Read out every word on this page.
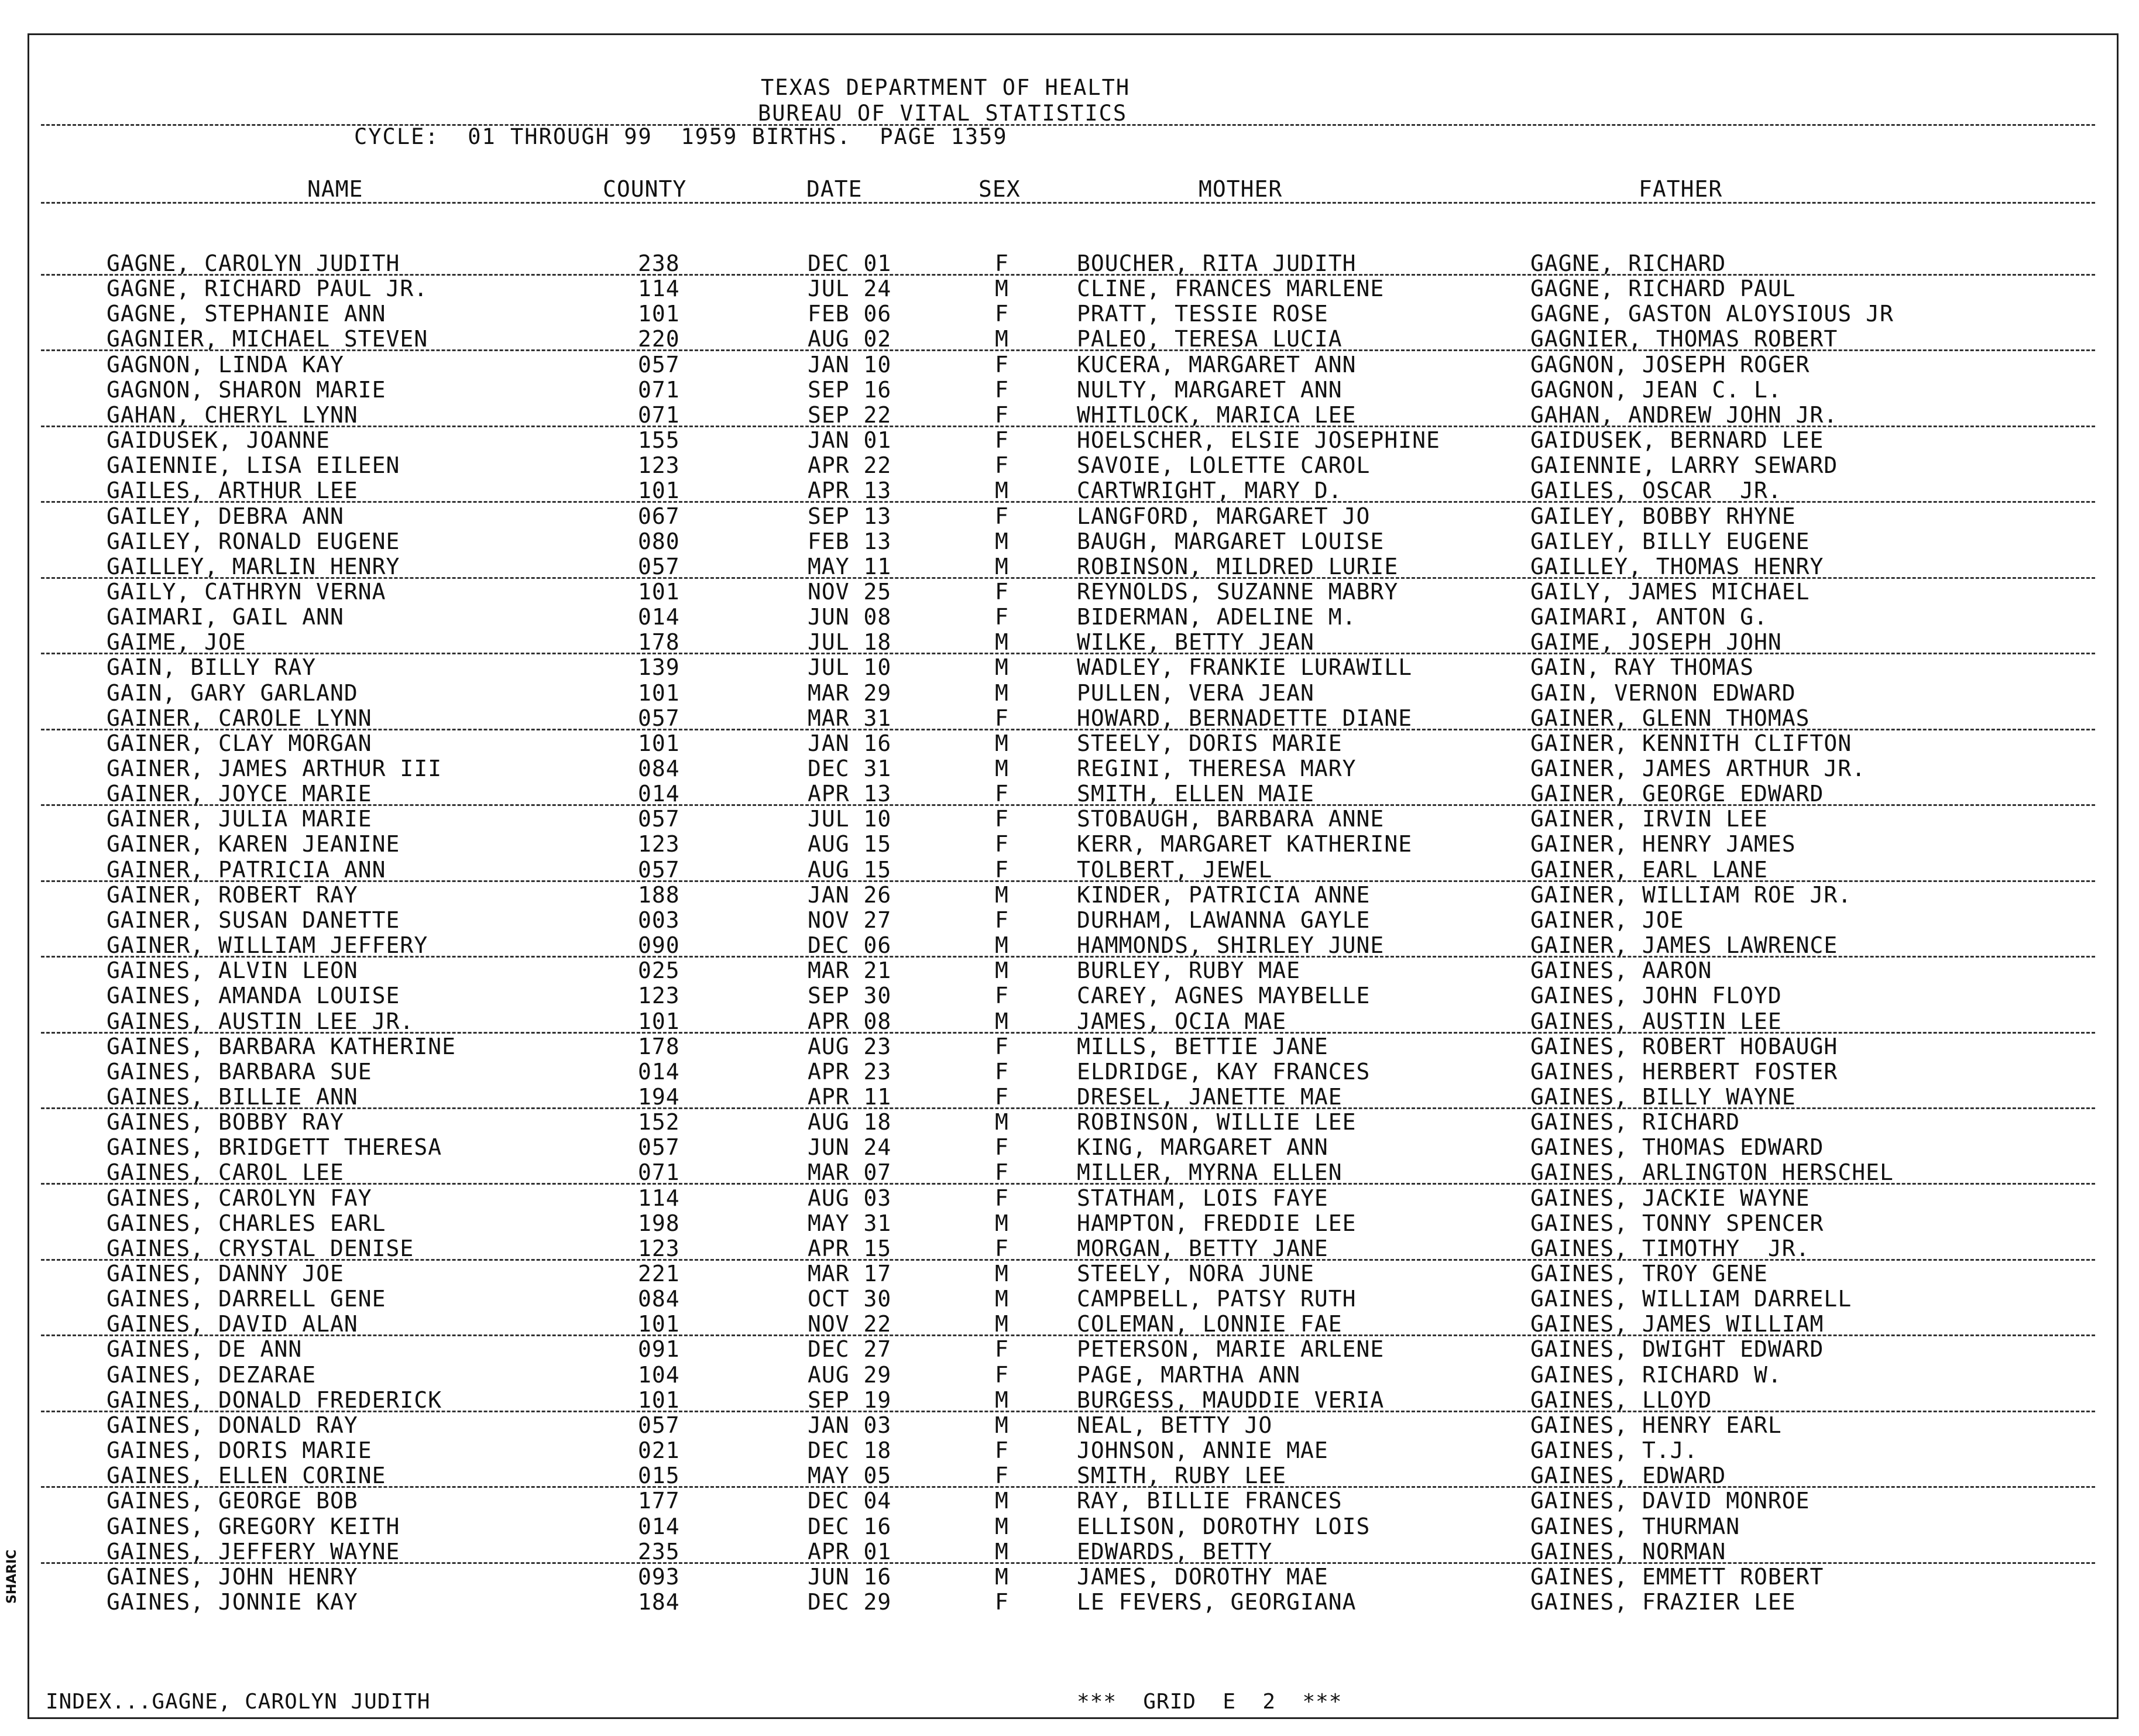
TEXAS DEPARTMENT OF HEALTH
BUREAU OF VITAL STATISTICS
CYCLE:  01 THROUGH 99  1959 BIRTHS.  PAGE 1359
NAME	COUNTY	DATE	SEX	MOTHER	FATHER
GAGNE, CAROLYN JUDITH	238	DEC 01	F	BOUCHER, RITA JUDITH	GAGNE, RICHARD
GAGNE, RICHARD PAUL JR.	114	JUL 24	M	CLINE, FRANCES MARLENE	GAGNE, RICHARD PAUL
GAGNE, STEPHANIE ANN	101	FEB 06	F	PRATT, TESSIE ROSE	GAGNE, GASTON ALOYSIOUS JR
GAGNIER, MICHAEL STEVEN	220	AUG 02	M	PALEO, TERESA LUCIA	GAGNIER, THOMAS ROBERT
GAGNON, LINDA KAY	057	JAN 10	F	KUCERA, MARGARET ANN	GAGNON, JOSEPH ROGER
GAGNON, SHARON MARIE	071	SEP 16	F	NULTY, MARGARET ANN	GAGNON, JEAN C. L.
GAHAN, CHERYL LYNN	071	SEP 22	F	WHITLOCK, MARICA LEE	GAHAN, ANDREW JOHN JR.
GAIDUSEK, JOANNE	155	JAN 01	F	HOELSCHER, ELSIE JOSEPHINE	GAIDUSEK, BERNARD LEE
GAIENNIE, LISA EILEEN	123	APR 22	F	SAVOIE, LOLETTE CAROL	GAIENNIE, LARRY SEWARD
GAILES, ARTHUR LEE	101	APR 13	M	CARTWRIGHT, MARY D.	GAILES, OSCAR  JR.
GAILEY, DEBRA ANN	067	SEP 13	F	LANGFORD, MARGARET JO	GAILEY, BOBBY RHYNE
GAILEY, RONALD EUGENE	080	FEB 13	M	BAUGH, MARGARET LOUISE	GAILEY, BILLY EUGENE
GAILLEY, MARLIN HENRY	057	MAY 11	M	ROBINSON, MILDRED LURIE	GAILLEY, THOMAS HENRY
GAILY, CATHRYN VERNA	101	NOV 25	F	REYNOLDS, SUZANNE MABRY	GAILY, JAMES MICHAEL
GAIMARI, GAIL ANN	014	JUN 08	F	BIDERMAN, ADELINE M.	GAIMARI, ANTON G.
GAIME, JOE	178	JUL 18	M	WILKE, BETTY JEAN	GAIME, JOSEPH JOHN
GAIN, BILLY RAY	139	JUL 10	M	WADLEY, FRANKIE LURAWILL	GAIN, RAY THOMAS
GAIN, GARY GARLAND	101	MAR 29	M	PULLEN, VERA JEAN	GAIN, VERNON EDWARD
GAINER, CAROLE LYNN	057	MAR 31	F	HOWARD, BERNADETTE DIANE	GAINER, GLENN THOMAS
GAINER, CLAY MORGAN	101	JAN 16	M	STEELY, DORIS MARIE	GAINER, KENNITH CLIFTON
GAINER, JAMES ARTHUR III	084	DEC 31	M	REGINI, THERESA MARY	GAINER, JAMES ARTHUR JR.
GAINER, JOYCE MARIE	014	APR 13	F	SMITH, ELLEN MAIE	GAINER, GEORGE EDWARD
GAINER, JULIA MARIE	057	JUL 10	F	STOBAUGH, BARBARA ANNE	GAINER, IRVIN LEE
GAINER, KAREN JEANINE	123	AUG 15	F	KERR, MARGARET KATHERINE	GAINER, HENRY JAMES
GAINER, PATRICIA ANN	057	AUG 15	F	TOLBERT, JEWEL	GAINER, EARL LANE
GAINER, ROBERT RAY	188	JAN 26	M	KINDER, PATRICIA ANNE	GAINER, WILLIAM ROE JR.
GAINER, SUSAN DANETTE	003	NOV 27	F	DURHAM, LAWANNA GAYLE	GAINER, JOE
GAINER, WILLIAM JEFFERY	090	DEC 06	M	HAMMONDS, SHIRLEY JUNE	GAINER, JAMES LAWRENCE
GAINES, ALVIN LEON	025	MAR 21	M	BURLEY, RUBY MAE	GAINES, AARON
GAINES, AMANDA LOUISE	123	SEP 30	F	CAREY, AGNES MAYBELLE	GAINES, JOHN FLOYD
GAINES, AUSTIN LEE JR.	101	APR 08	M	JAMES, OCIA MAE	GAINES, AUSTIN LEE
GAINES, BARBARA KATHERINE	178	AUG 23	F	MILLS, BETTIE JANE	GAINES, ROBERT HOBAUGH
GAINES, BARBARA SUE	014	APR 23	F	ELDRIDGE, KAY FRANCES	GAINES, HERBERT FOSTER
GAINES, BILLIE ANN	194	APR 11	F	DRESEL, JANETTE MAE	GAINES, BILLY WAYNE
GAINES, BOBBY RAY	152	AUG 18	M	ROBINSON, WILLIE LEE	GAINES, RICHARD
GAINES, BRIDGETT THERESA	057	JUN 24	F	KING, MARGARET ANN	GAINES, THOMAS EDWARD
GAINES, CAROL LEE	071	MAR 07	F	MILLER, MYRNA ELLEN	GAINES, ARLINGTON HERSCHEL
GAINES, CAROLYN FAY	114	AUG 03	F	STATHAM, LOIS FAYE	GAINES, JACKIE WAYNE
GAINES, CHARLES EARL	198	MAY 31	M	HAMPTON, FREDDIE LEE	GAINES, TONNY SPENCER
GAINES, CRYSTAL DENISE	123	APR 15	F	MORGAN, BETTY JANE	GAINES, TIMOTHY  JR.
GAINES, DANNY JOE	221	MAR 17	M	STEELY, NORA JUNE	GAINES, TROY GENE
GAINES, DARRELL GENE	084	OCT 30	M	CAMPBELL, PATSY RUTH	GAINES, WILLIAM DARRELL
GAINES, DAVID ALAN	101	NOV 22	M	COLEMAN, LONNIE FAE	GAINES, JAMES WILLIAM
GAINES, DE ANN	091	DEC 27	F	PETERSON, MARIE ARLENE	GAINES, DWIGHT EDWARD
GAINES, DEZARAE	104	AUG 29	F	PAGE, MARTHA ANN	GAINES, RICHARD W.
GAINES, DONALD FREDERICK	101	SEP 19	M	BURGESS, MAUDDIE VERIA	GAINES, LLOYD
GAINES, DONALD RAY	057	JAN 03	M	NEAL, BETTY JO	GAINES, HENRY EARL
GAINES, DORIS MARIE	021	DEC 18	F	JOHNSON, ANNIE MAE	GAINES, T.J.
GAINES, ELLEN CORINE	015	MAY 05	F	SMITH, RUBY LEE	GAINES, EDWARD
GAINES, GEORGE BOB	177	DEC 04	M	RAY, BILLIE FRANCES	GAINES, DAVID MONROE
GAINES, GREGORY KEITH	014	DEC 16	M	ELLISON, DOROTHY LOIS	GAINES, THURMAN
GAINES, JEFFERY WAYNE	235	APR 01	M	EDWARDS, BETTY	GAINES, NORMAN
GAINES, JOHN HENRY	093	JUN 16	M	JAMES, DOROTHY MAE	GAINES, EMMETT ROBERT
GAINES, JONNIE KAY	184	DEC 29	F	LE FEVERS, GEORGIANA	GAINES, FRAZIER LEE
INDEX...GAGNE, CAROLYN JUDITH	***  GRID  E  2  ***
SHARIC
